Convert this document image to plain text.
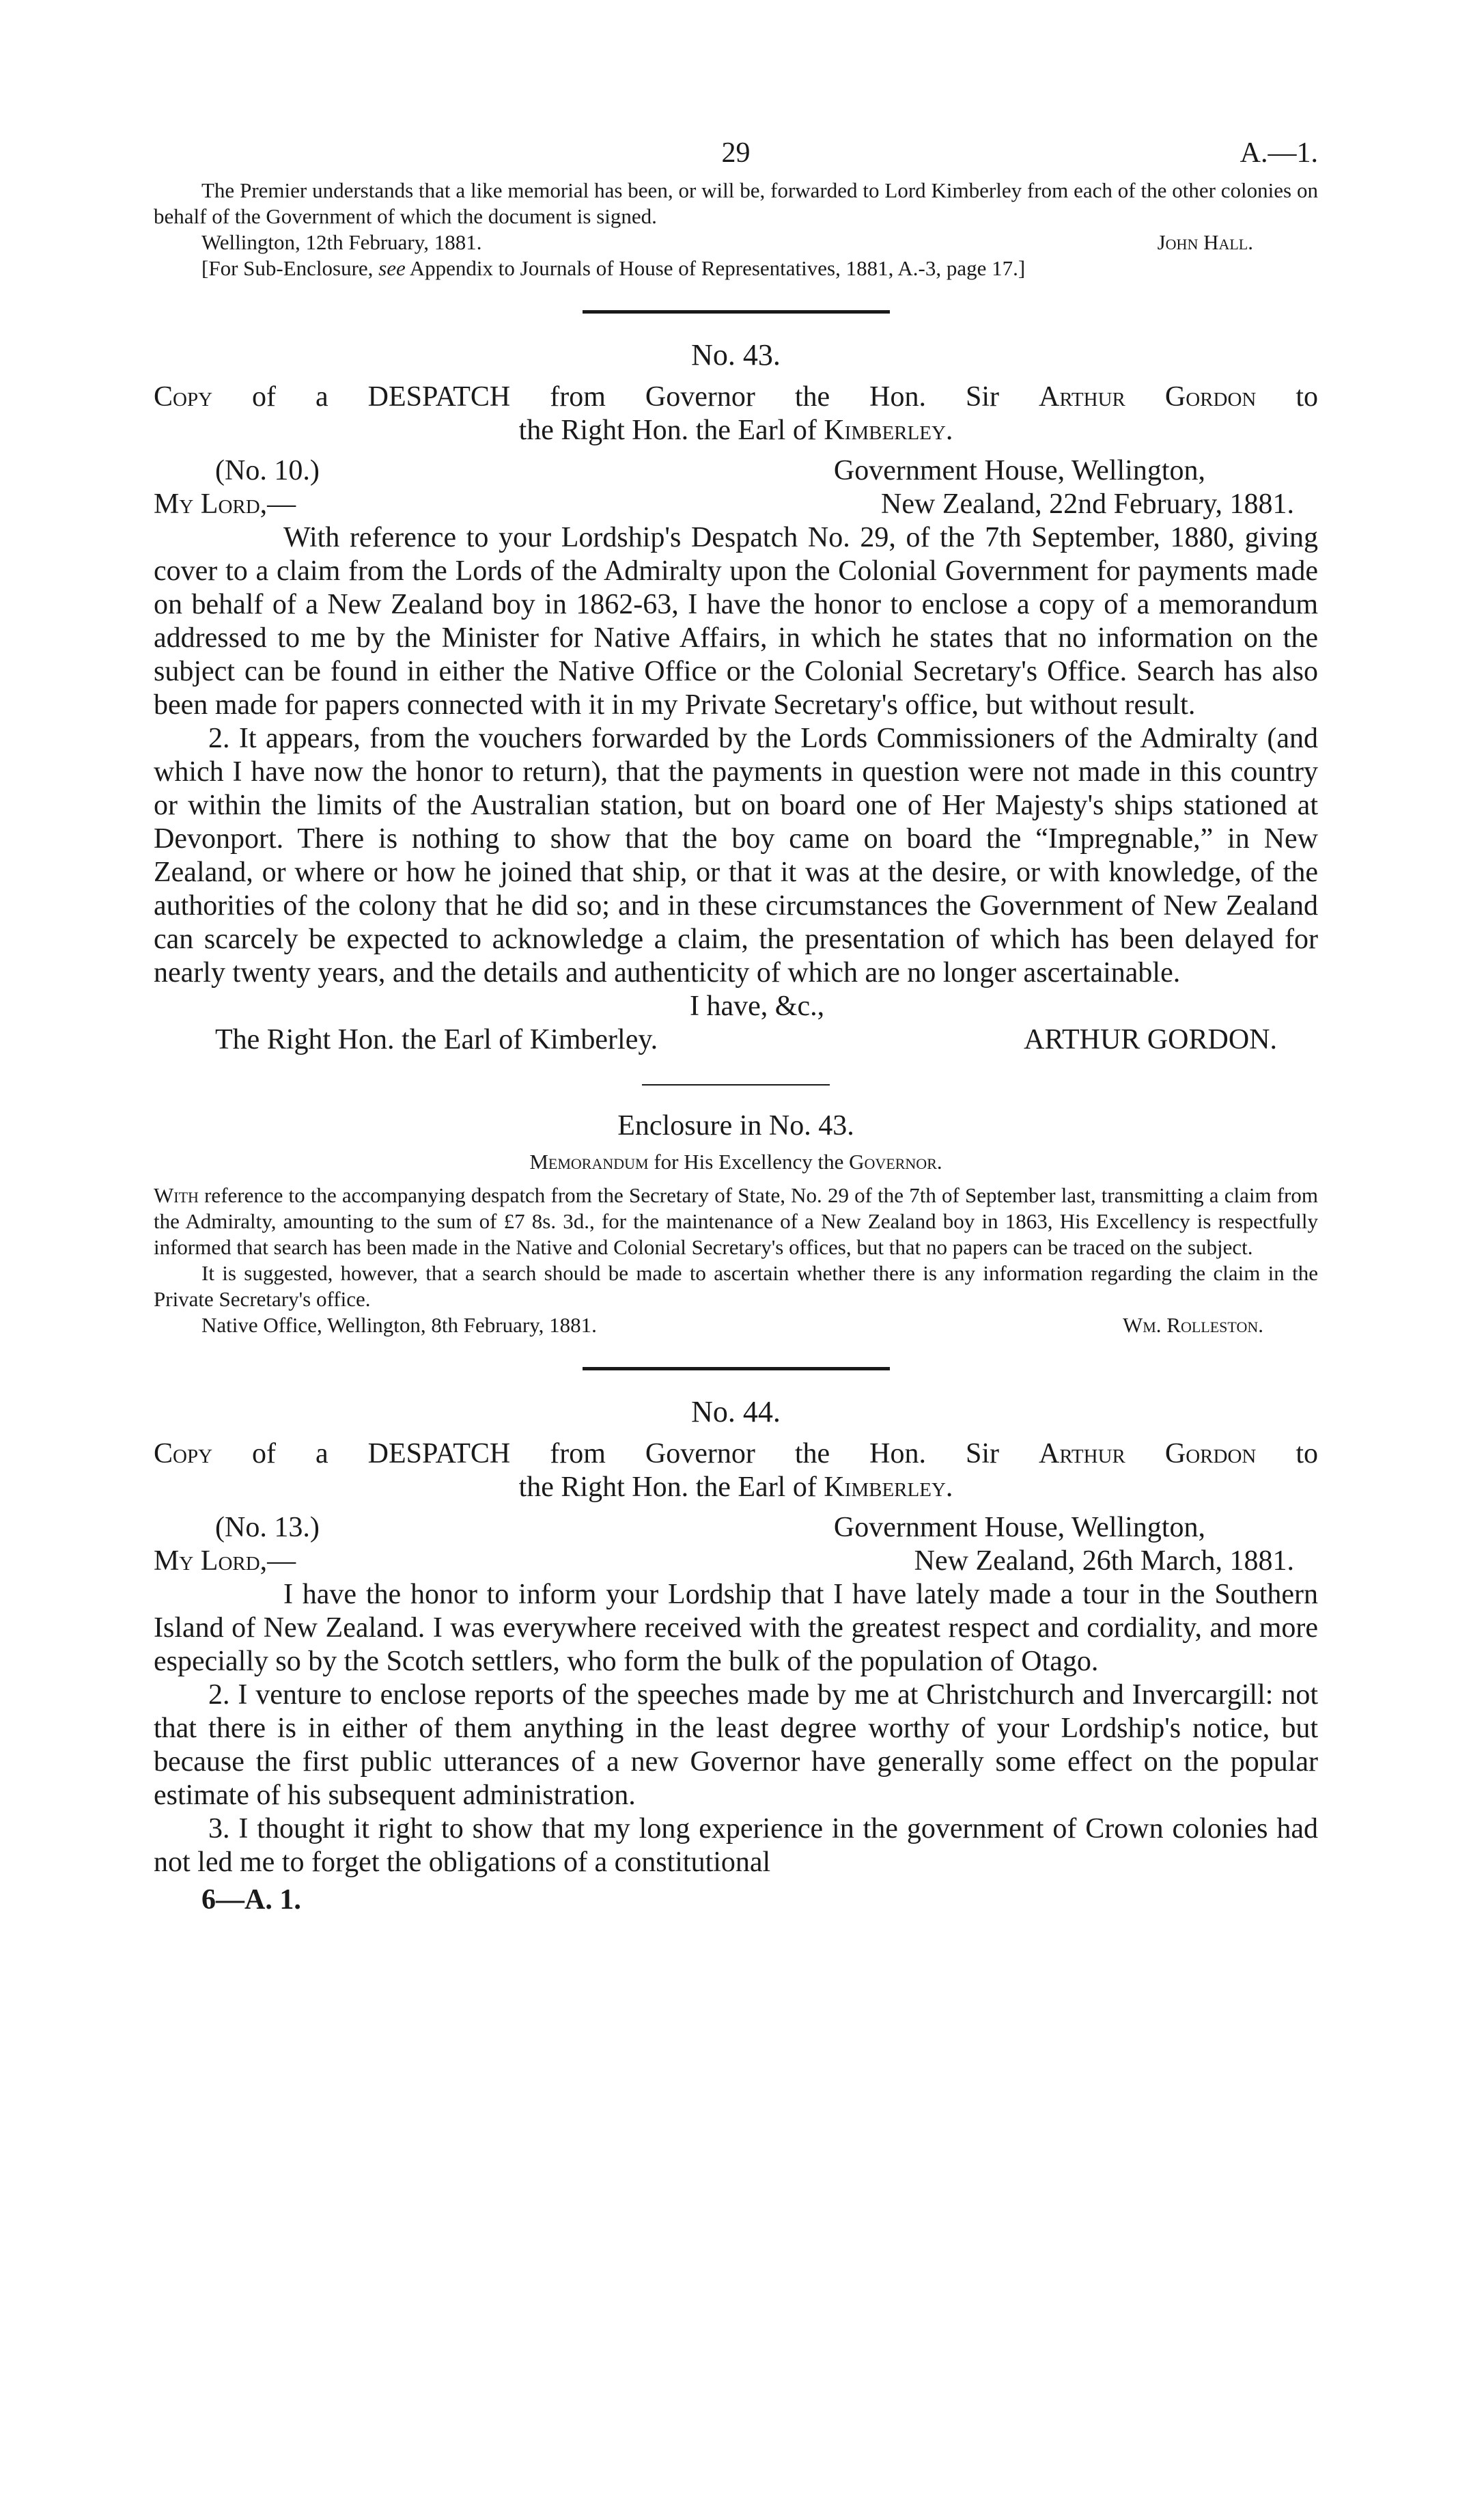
29	A.—1.

The Premier understands that a like memorial has been, or will be, forwarded to Lord Kimberley from each of the other colonies on behalf of the Government of which the document is signed.

Wellington, 12th February, 1881.	John Hall.

[For Sub-Enclosure, see Appendix to Journals of House of Representatives, 1881, A.-3, page 17.]

No. 43.

Copy of a DESPATCH from Governor the Hon. Sir Arthur Gordon to

the Right Hon. the Earl of Kimberley.

(No. 10.)	Government House, Wellington,
My Lord,—	New Zealand, 22nd February, 1881.

With reference to your Lordship's Despatch No. 29, of the 7th September, 1880, giving cover to a claim from the Lords of the Admiralty upon the Colonial Government for payments made on behalf of a New Zealand boy in 1862-63, I have the honor to enclose a copy of a memorandum addressed to me by the Minister for Native Affairs, in which he states that no information on the subject can be found in either the Native Office or the Colonial Secretary's Office. Search has also been made for papers connected with it in my Private Secretary's office, but without result.

2. It appears, from the vouchers forwarded by the Lords Commissioners of the Admiralty (and which I have now the honor to return), that the payments in question were not made in this country or within the limits of the Australian station, but on board one of Her Majesty's ships stationed at Devonport. There is nothing to show that the boy came on board the “Impregnable,” in New Zealand, or where or how he joined that ship, or that it was at the desire, or with knowledge, of the authorities of the colony that he did so; and in these circumstances the Government of New Zealand can scarcely be expected to acknowledge a claim, the presentation of which has been delayed for nearly twenty years, and the details and authenticity of which are no longer ascertainable.

I have, &c.,

The Right Hon. the Earl of Kimberley.	ARTHUR GORDON.
Enclosure in No. 43.
Memorandum for His Excellency the Governor.

With reference to the accompanying despatch from the Secretary of State, No. 29 of the 7th of September last, transmitting a claim from the Admiralty, amounting to the sum of £7 8s. 3d., for the maintenance of a New Zealand boy in 1863, His Excellency is respectfully informed that search has been made in the Native and Colonial Secretary's offices, but that no papers can be traced on the subject.

It is suggested, however, that a search should be made to ascertain whether there is any information regarding the claim in the Private Secretary's office.

Native Office, Wellington, 8th February, 1881.	Wm. Rolleston.
No. 44.

Copy of a DESPATCH from Governor the Hon. Sir Arthur Gordon to

the Right Hon. the Earl of Kimberley.

(No. 13.)	Government House, Wellington,
My Lord,—	New Zealand, 26th March, 1881.

I have the honor to inform your Lordship that I have lately made a tour in the Southern Island of New Zealand. I was everywhere received with the greatest respect and cordiality, and more especially so by the Scotch settlers, who form the bulk of the population of Otago.

2. I venture to enclose reports of the speeches made by me at Christchurch and Invercargill: not that there is in either of them anything in the least degree worthy of your Lordship's notice, but because the first public utterances of a new Governor have generally some effect on the popular estimate of his subsequent administration.

3. I thought it right to show that my long experience in the government of Crown colonies had not led me to forget the obligations of a constitutional

6—A. 1.
